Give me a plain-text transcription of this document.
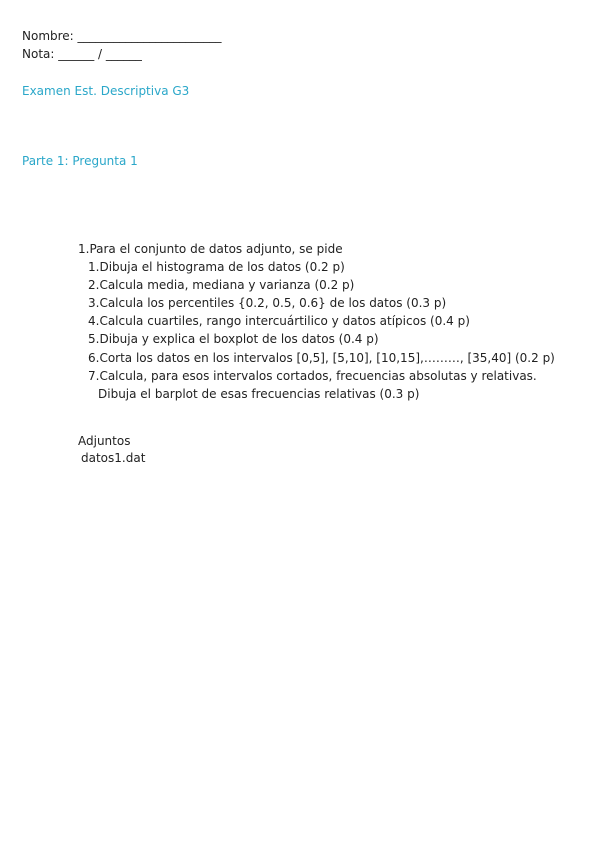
Nombre: ________________________
Nota: ______ / ______
Examen Est. Descriptiva G3
Parte 1: Pregunta 1
1.Para el conjunto de datos adjunto, se pide
1.Dibuja el histograma de los datos (0.2 p)
2.Calcula media, mediana y varianza (0.2 p)
3.Calcula los percentiles {0.2, 0.5, 0.6} de los datos (0.3 p)
4.Calcula cuartiles, rango intercuártilico y datos atípicos (0.4 p)
5.Dibuja y explica el boxplot de los datos (0.4 p)
6.Corta los datos en los intervalos [0,5], [5,10], [10,15],………, [35,40] (0.2 p)
7.Calcula, para esos intervalos cortados, frecuencias absolutas y relativas.
Dibuja el barplot de esas frecuencias relativas (0.3 p)
Adjuntos
datos1.dat
